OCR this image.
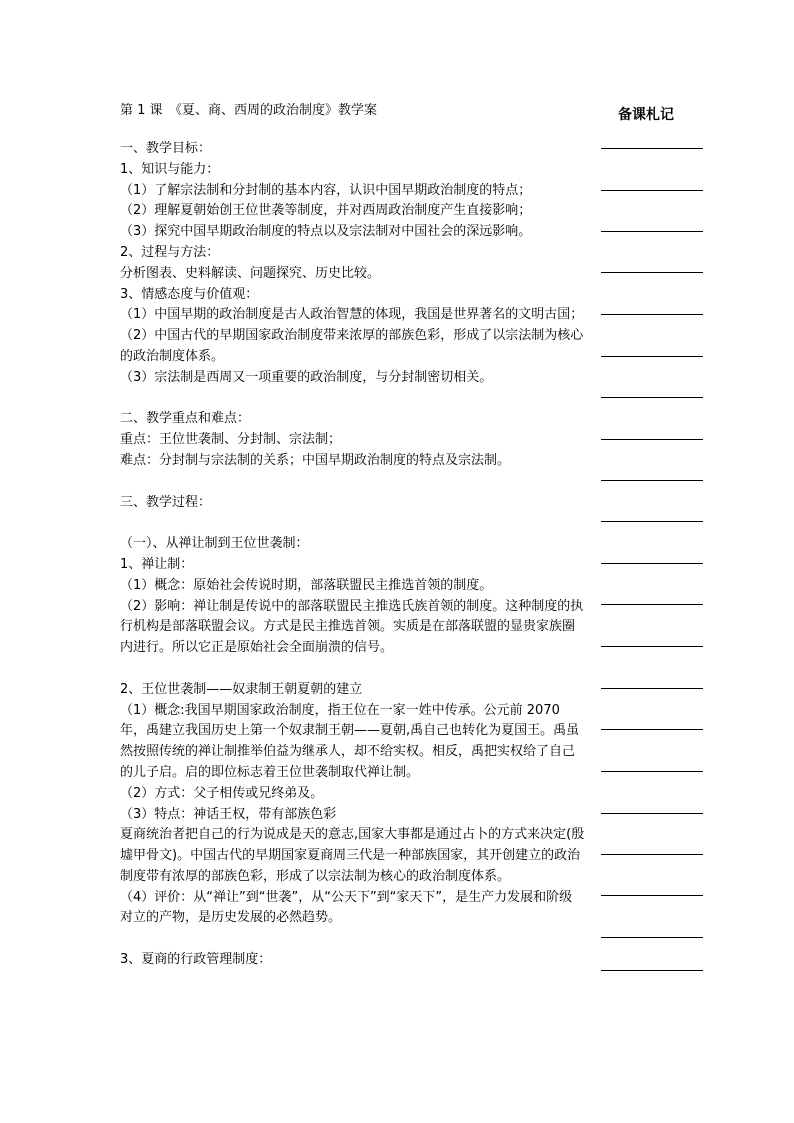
第 1 课　《夏、商、西周的政治制度》教学案	备课札记

一、教学目标：

1、知识与能力：

（1）了解宗法制和分封制的基本内容，认识中国早期政治制度的特点；

（2）理解夏朝始创王位世袭等制度，并对西周政治制度产生直接影响；

（3）探究中国早期政治制度的特点以及宗法制对中国社会的深远影响。

2、过程与方法：

分析图表、史料解读、问题探究、历史比较。

3、情感态度与价值观：

（1）中国早期的政治制度是古人政治智慧的体现，我国是世界著名的文明古国；

（2）中国古代的早期国家政治制度带来浓厚的部族色彩，形成了以宗法制为核心的政治制度体系。

（3）宗法制是西周又一项重要的政治制度，与分封制密切相关。

二、教学重点和难点：

重点：王位世袭制、分封制、宗法制；

难点：分封制与宗法制的关系；中国早期政治制度的特点及宗法制。

三、教学过程：

（一）、从禅让制到王位世袭制：

1、禅让制：

（1）概念：原始社会传说时期，部落联盟民主推选首领的制度。

（2）影响：禅让制是传说中的部落联盟民主推选氏族首领的制度。这种制度的执行机构是部落联盟会议。方式是民主推选首领。实质是在部落联盟的显贵家族圈内进行。所以它正是原始社会全面崩溃的信号。

2、王位世袭制——奴隶制王朝夏朝的建立

（1）概念:我国早期国家政治制度，指王位在一家一姓中传承。公元前 2070 年，禹建立我国历史上第一个奴隶制王朝——夏朝,禹自己也转化为夏国王。禹虽然按照传统的禅让制推举伯益为继承人，却不给实权。相反，禹把实权给了自己的儿子启。启的即位标志着王位世袭制取代禅让制。

（2）方式：父子相传或兄终弟及。

（3）特点：神话王权，带有部族色彩

夏商统治者把自己的行为说成是天的意志,国家大事都是通过占卜的方式来决定(殷墟甲骨文)。中国古代的早期国家夏商周三代是一种部族国家，其开创建立的政治制度带有浓厚的部族色彩，形成了以宗法制为核心的政治制度体系。

（4）评价：从“禅让”到“世袭”，从“公天下”到“家天下”，是生产力发展和阶级对立的产物，是历史发展的必然趋势。

3、夏商的行政管理制度：
